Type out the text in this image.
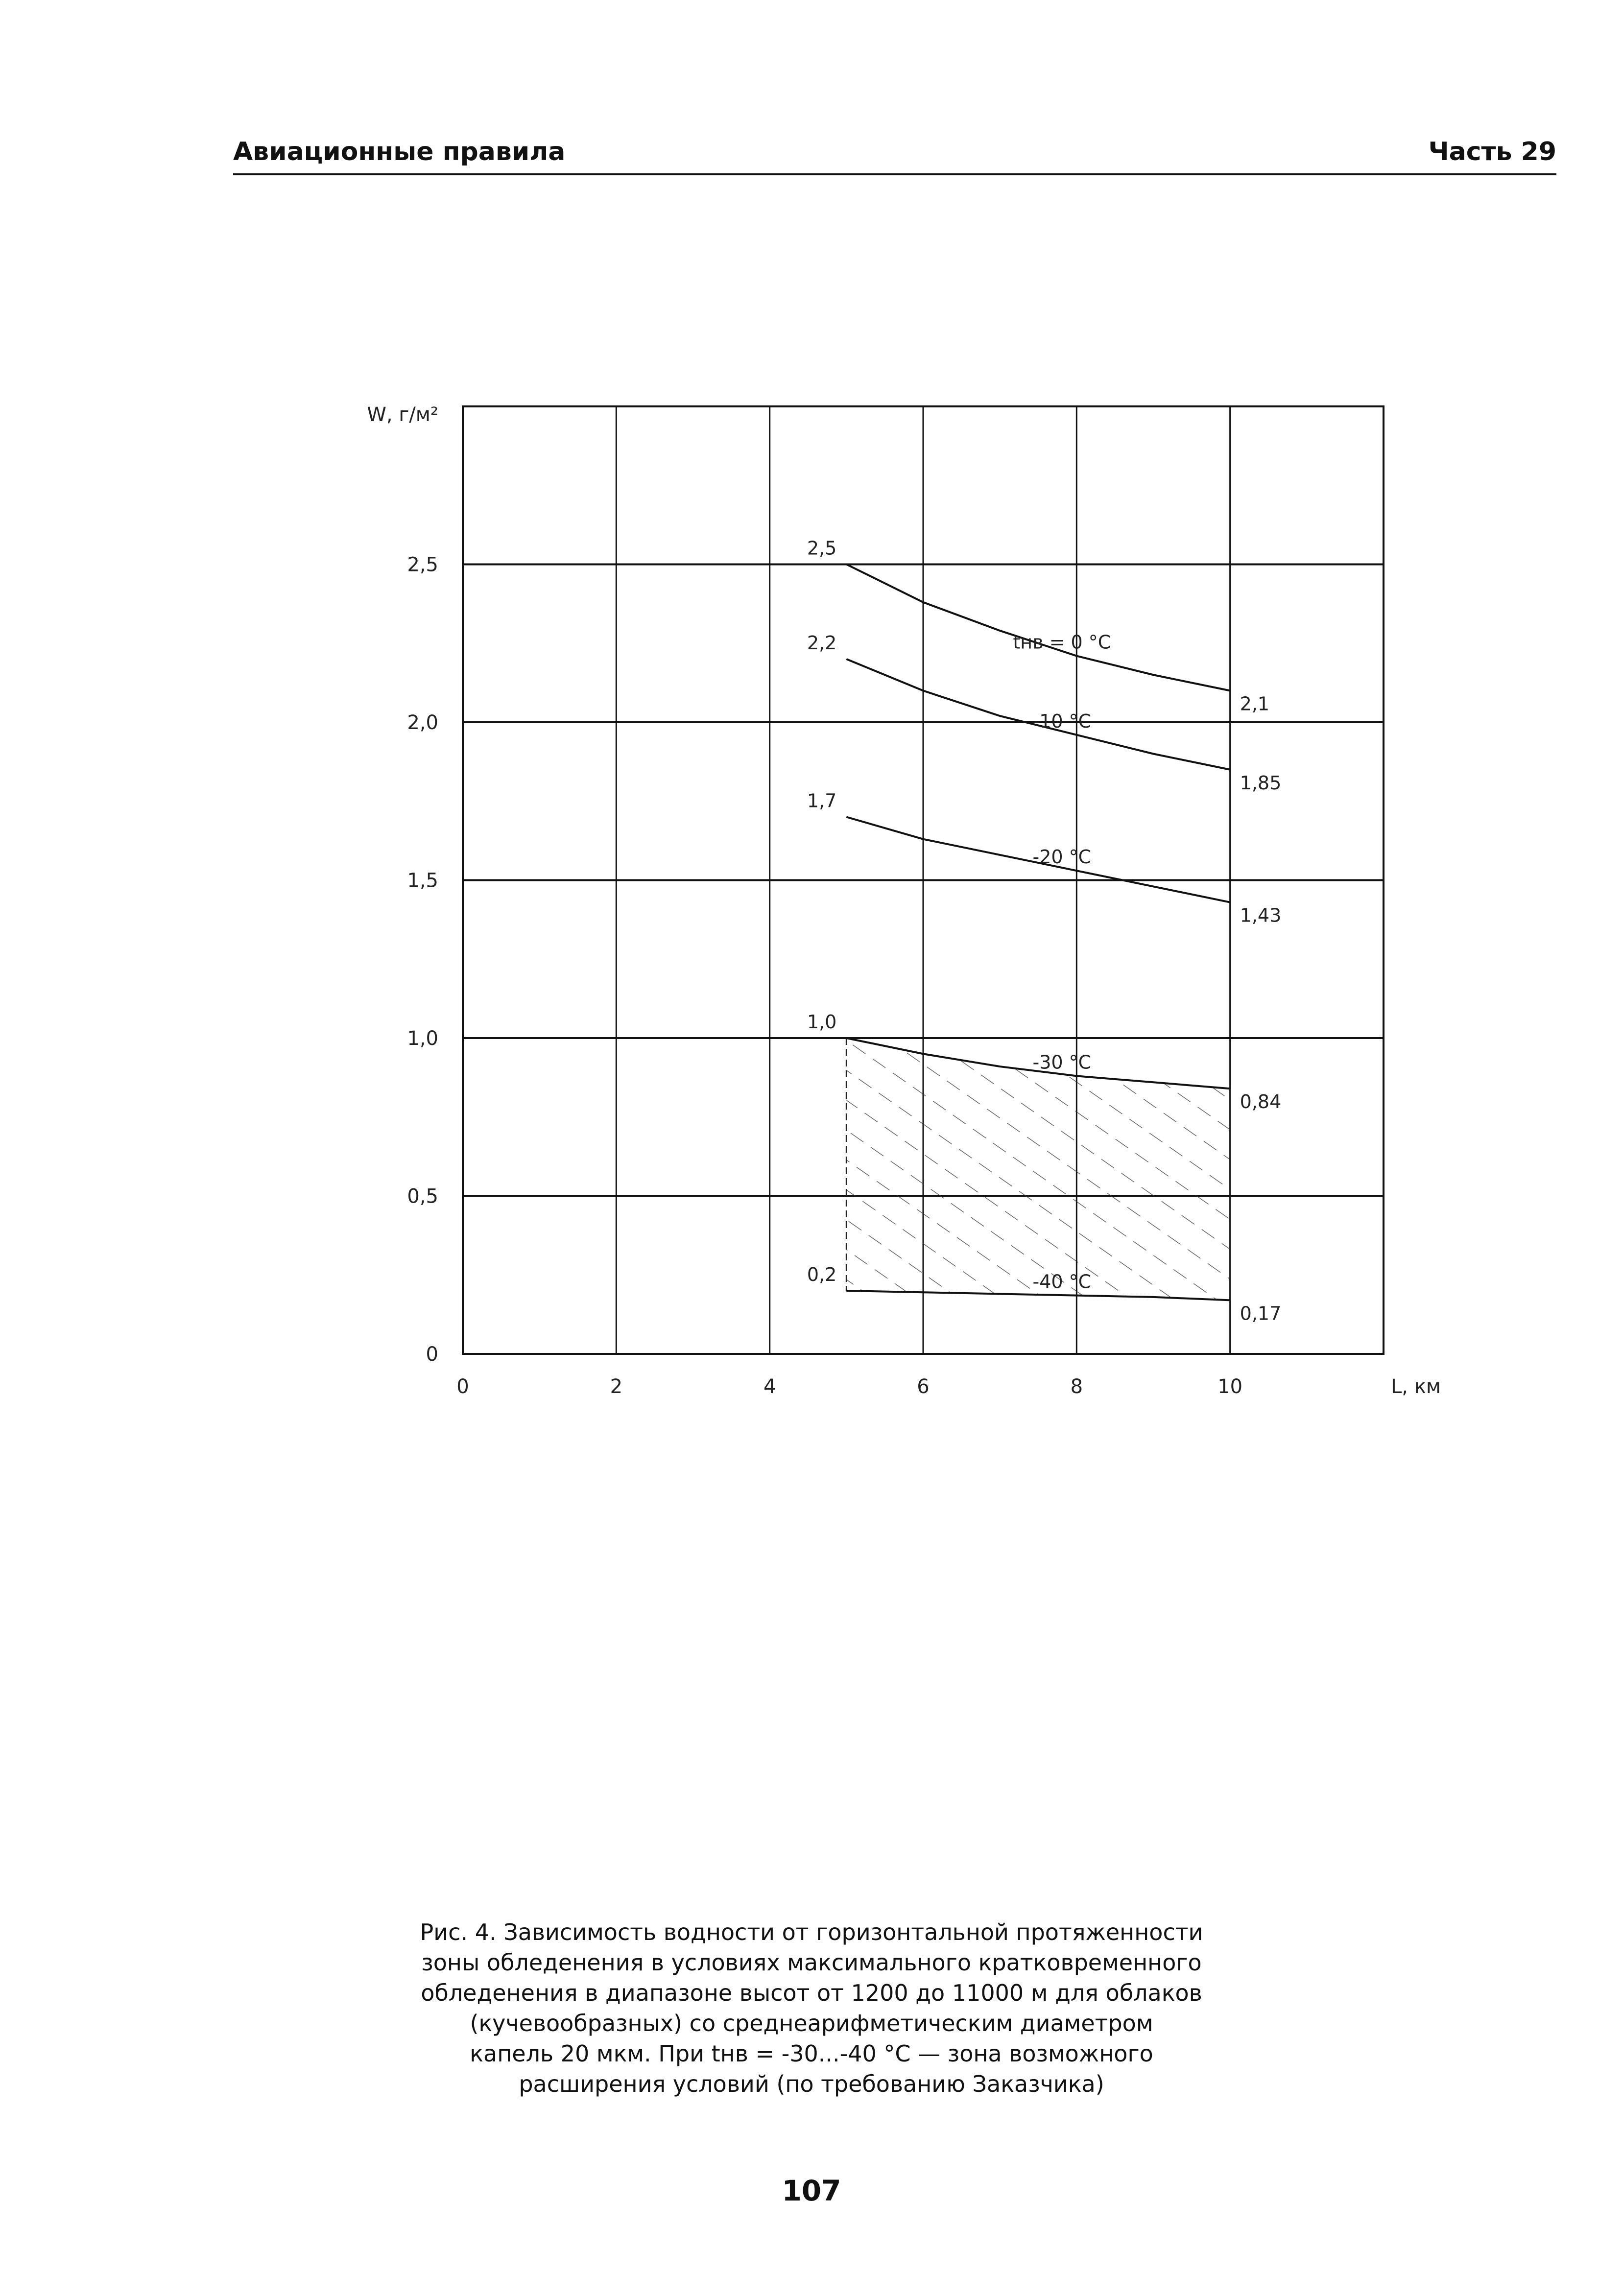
Авиационные правила	Часть 29
0	2	4	6	8	10
0
0,5
1,0
1,5
2,0
2,5
W, г/м²
L, км
2,5
2,1
tнв = 0 °C
2,2
1,85
-10 °C
1,7
1,43
-20 °C
1,0
0,84
-30 °C
0,2
0,17
-40 °C
Рис. 4. Зависимость водности от горизонтальной протяженности
зоны обледенения в условиях максимального кратковременного
обледенения в диапазоне высот от 1200 до 11000 м для облаков
(кучевообразных) со среднеарифметическим диаметром
капель 20 мкм. При tнв = -30...-40 °С — зона возможного
расширения условий (по требованию Заказчика)
107
